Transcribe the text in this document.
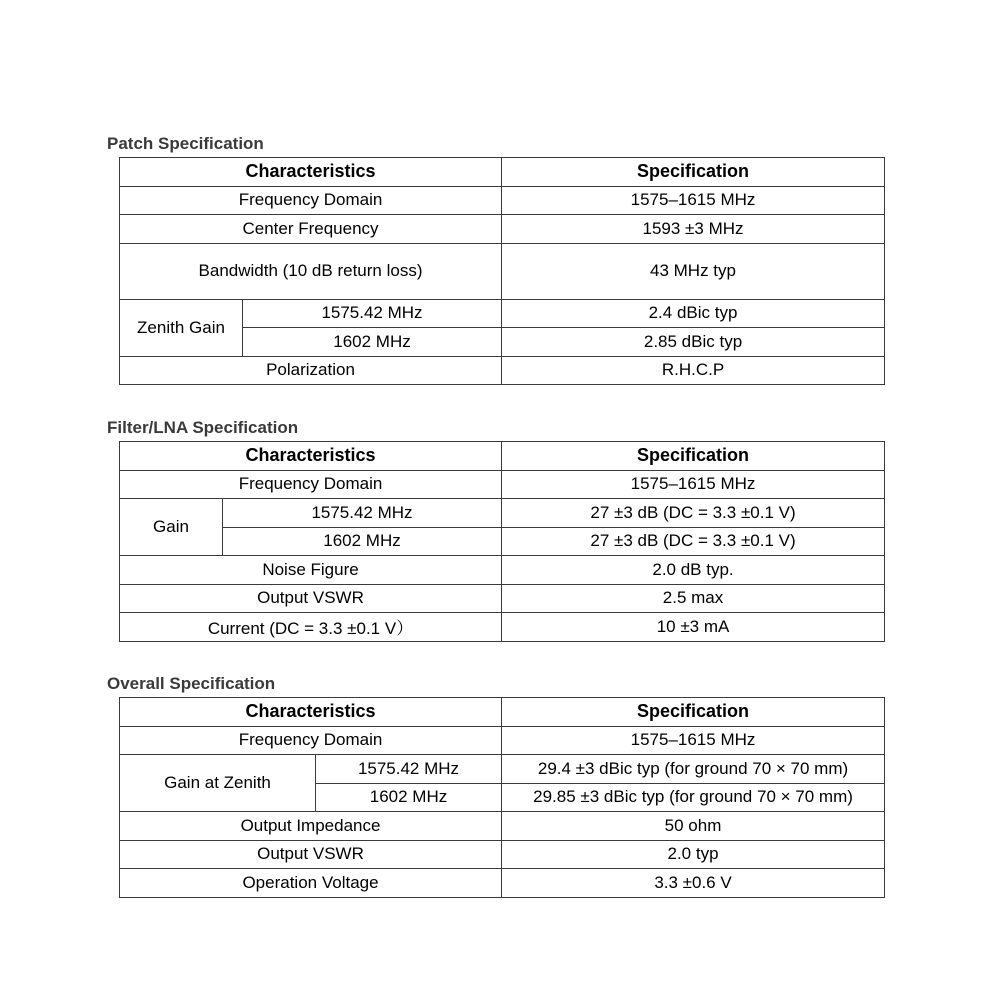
Patch Specification
Characteristics		Specification
Frequency Domain		1575–1615 MHz
Center Frequency		1593 ±3 MHz
Bandwidth (10 dB return loss)		43 MHz typ
Zenith Gain	1575.42 MHz	2.4 dBic typ
	1602 MHz	2.85 dBic typ
Polarization		R.H.C.P
Filter/LNA Specification
Characteristics		Specification
Frequency Domain		1575–1615 MHz
Gain	1575.42 MHz	27 ±3 dB (DC = 3.3 ±0.1 V)
	1602 MHz	27 ±3 dB (DC = 3.3 ±0.1 V)
Noise Figure		2.0 dB typ.
Output VSWR		2.5 max
Current (DC = 3.3 ±0.1 V）		10 ±3 mA
Overall Specification
Characteristics		Specification
Frequency Domain		1575–1615 MHz
Gain at Zenith	1575.42 MHz	29.4 ±3 dBic typ (for ground 70 × 70 mm)
	1602 MHz	29.85 ±3 dBic typ (for ground 70 × 70 mm)
Output Impedance		50 ohm
Output VSWR		2.0 typ
Operation Voltage		3.3 ±0.6 V
